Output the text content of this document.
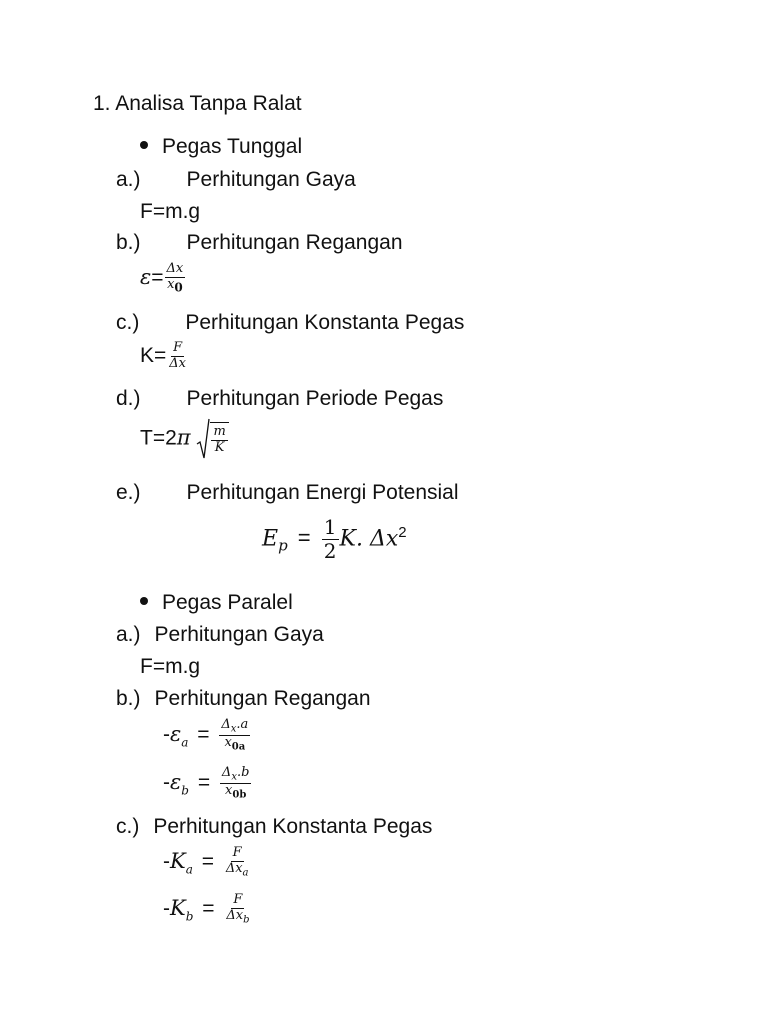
1. Analisa Tanpa Ralat
Pegas Tunggal
a.) Perhitungan Gaya
F=m.g
b.) Perhitungan Regangan
$\varepsilon= \frac{\Delta x}{x_0}$
c.) Perhitungan Konstanta Pegas
$K= \frac{F}{\Delta x}$
d.) Perhitungan Periode Pegas
$T=2\pi \frac{m}{K}$
e.) Perhitungan Energi Potensial
$E_p = \frac{1}{2} K$. $\Delta x^2$
Pegas Paralel
a.) Perhitungan Gaya
F=m.g
b.) Perhitungan Regangan
$-\varepsilon_a = \frac{\Delta_x.a}{x_{0a}}$
$-\varepsilon_b = \frac{\Delta_x.b}{x_{0b}}$
c.) Perhitungan Konstanta Pegas
$-K_a = \frac{F}{\Delta x_a}$
$-K_b = \frac{F}{\Delta x_b}$
